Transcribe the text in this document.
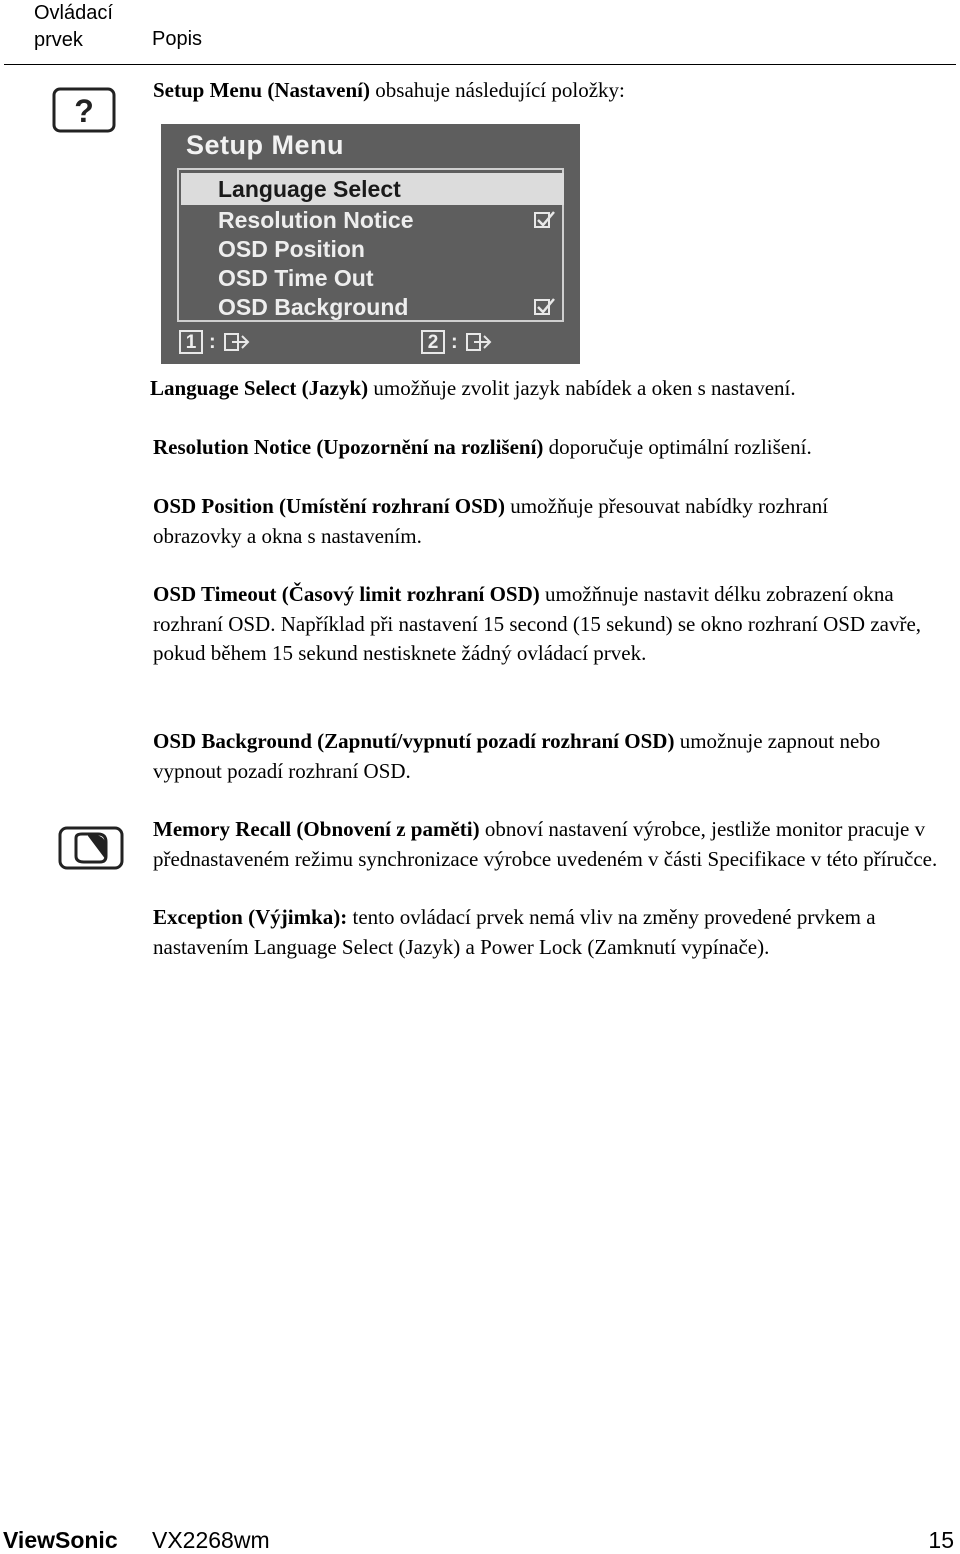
Ovládací
prvek	Popis
?
Setup Menu (Nastavení) obsahuje následující položky:
Setup Menu
Language Select
Resolution Notice
OSD Position
OSD Time Out
OSD Background
1 :	2 :
Language Select (Jazyk) umožňuje zvolit jazyk nabídek a oken s nastavení.
Resolution Notice (Upozornění na rozlišení) doporučuje optimální rozlišení.
OSD Position (Umístění rozhraní OSD) umožňuje přesouvat nabídky rozhraní obrazovky a okna s nastavením.
OSD Timeout (Časový limit rozhraní OSD) umožňnuje nastavit délku zobrazení okna rozhraní OSD. Například při nastavení 15 second (15 sekund) se okno rozhraní OSD zavře, pokud během 15 sekund nestisknete žádný ovládací prvek.
OSD Background (Zapnutí/vypnutí pozadí rozhraní OSD) umožnuje zapnout nebo vypnout pozadí rozhraní OSD.
Memory Recall (Obnovení z paměti) obnoví nastavení výrobce, jestliže monitor pracuje v přednastaveném režimu synchronizace výrobce uvedeném v části Specifikace v této příručce.
Exception (Výjimka): tento ovládací prvek nemá vliv na změny provedené prvkem a nastavením Language Select (Jazyk) a Power Lock (Zamknutí vypínače).
ViewSonic VX2268wm	15
